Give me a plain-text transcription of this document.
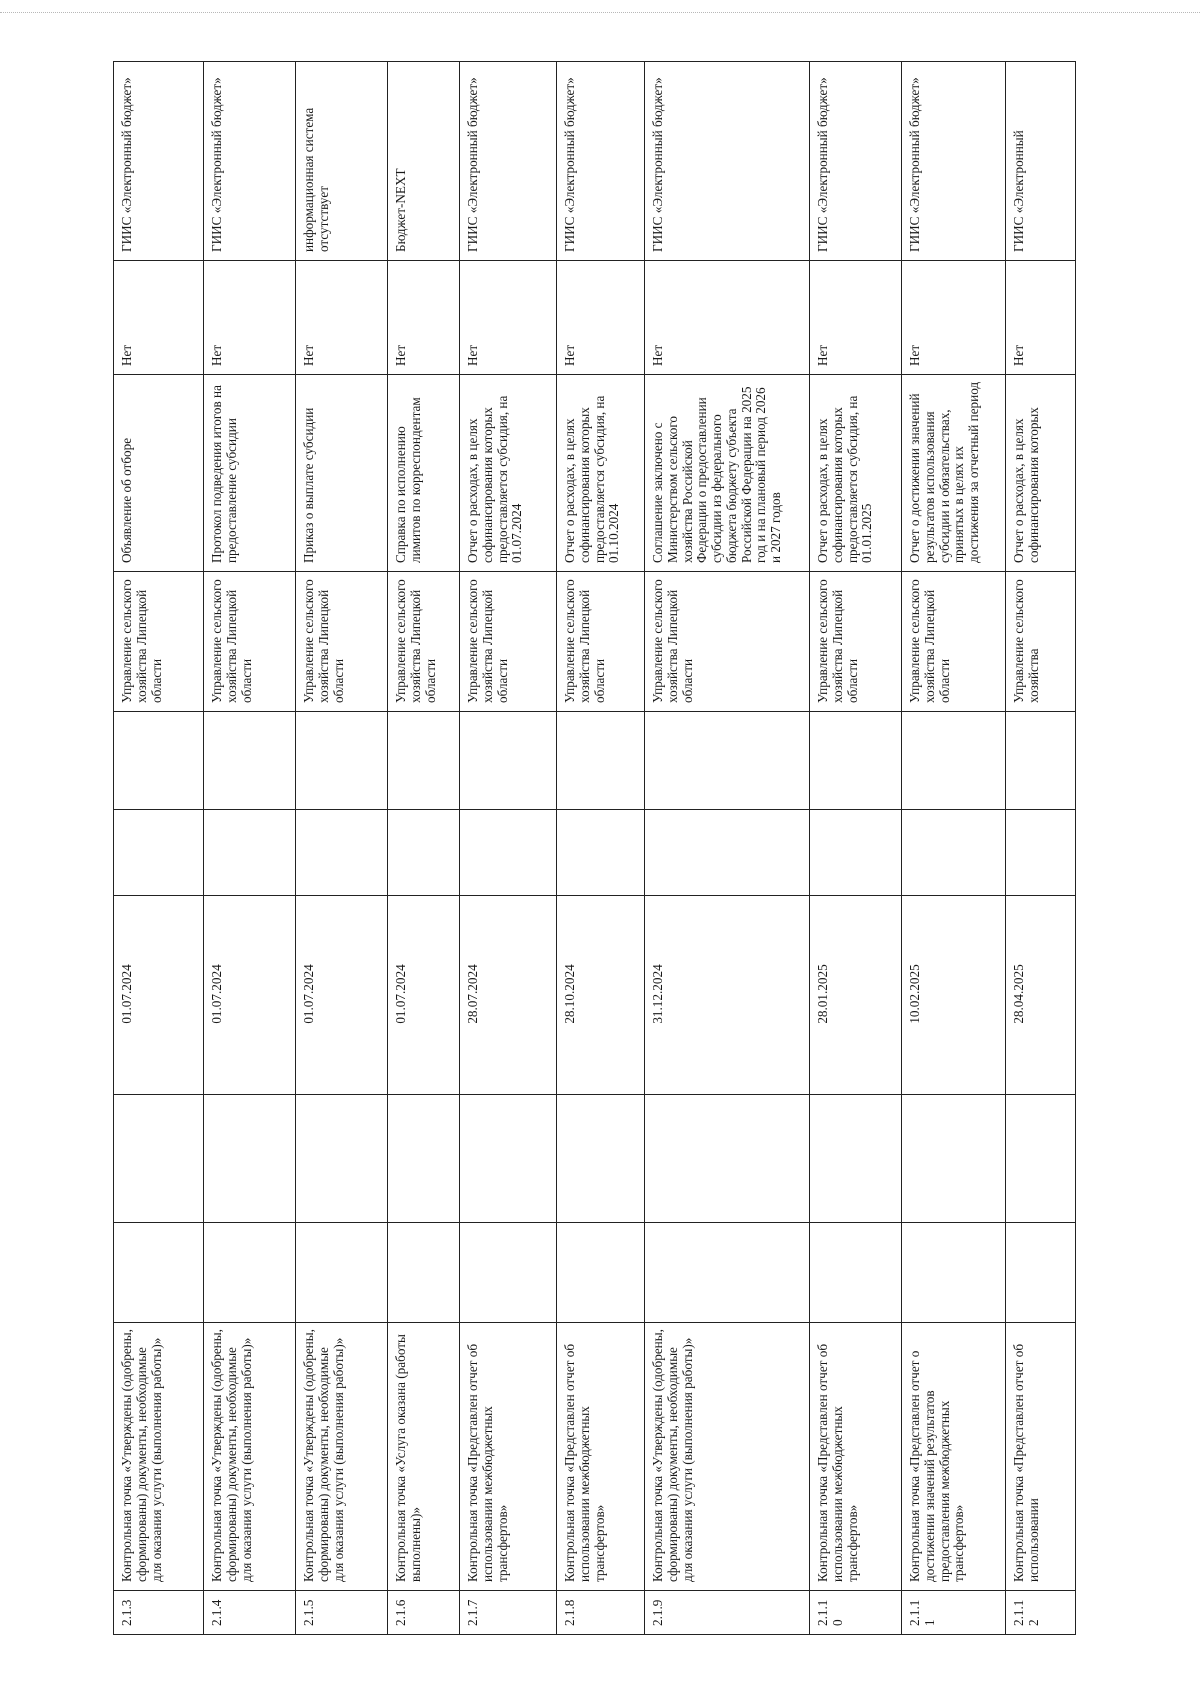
2.1.3	Контрольная точка «Утверждены (одобрены, сформированы) документы, необходимые для оказания услуги (выполнения работы)»			01.07.2024			Управление сельского хозяйства Липецкой области	Объявление об отборе	Нет	ГИИС «Электронный бюджет»
2.1.4	Контрольная точка «Утверждены (одобрены, сформированы) документы, необходимые для оказания услуги (выполнения работы)»			01.07.2024			Управление сельского хозяйства Липецкой области	Протокол подведения итогов на предоставление субсидии	Нет	ГИИС «Электронный бюджет»
2.1.5	Контрольная точка «Утверждены (одобрены, сформированы) документы, необходимые для оказания услуги (выполнения работы)»			01.07.2024			Управление сельского хозяйства Липецкой области	Приказ о выплате субсидии	Нет	информационная система отсутствует
2.1.6	Контрольная точка «Услуга оказана (работы выполнены)»			01.07.2024			Управление сельского хозяйства Липецкой области	Справка по исполнению лимитов по корреспондентам	Нет	Бюджет-NEXT
2.1.7	Контрольная точка «Представлен отчет об использовании межбюджетных трансфертов»			28.07.2024			Управление сельского хозяйства Липецкой области	Отчет о расходах, в целях софинансирования которых предоставляется субсидия, на 01.07.2024	Нет	ГИИС «Электронный бюджет»
2.1.8	Контрольная точка «Представлен отчет об использовании межбюджетных трансфертов»			28.10.2024			Управление сельского хозяйства Липецкой области	Отчет о расходах, в целях софинансирования которых предоставляется субсидия, на 01.10.2024	Нет	ГИИС «Электронный бюджет»
2.1.9	Контрольная точка «Утверждены (одобрены, сформированы) документы, необходимые для оказания услуги (выполнения работы)»			31.12.2024			Управление сельского хозяйства Липецкой области	Соглашение заключено с Министерством сельского хозяйства Российской Федерации о предоставлении субсидии из федерального бюджета бюджету субъекта Российской Федерации на 2025 год и на плановый период 2026 и 2027 годов	Нет	ГИИС «Электронный бюджет»
2.1.10	Контрольная точка «Представлен отчет об использовании межбюджетных трансфертов»			28.01.2025			Управление сельского хозяйства Липецкой области	Отчет о расходах, в целях софинансирования которых предоставляется субсидия, на 01.01.2025	Нет	ГИИС «Электронный бюджет»
2.1.11	Контрольная точка «Представлен отчет о достижении значений результатов предоставления межбюджетных трансфертов»			10.02.2025			Управление сельского хозяйства Липецкой области	Отчет о достижении значений результатов использования субсидии и обязательствах, принятых в целях их достижения за отчетный период	Нет	ГИИС «Электронный бюджет»
2.1.12	Контрольная точка «Представлен отчет об использовании			28.04.2025			Управление сельского хозяйства	Отчет о расходах, в целях софинансирования которых	Нет	ГИИС «Электронный
